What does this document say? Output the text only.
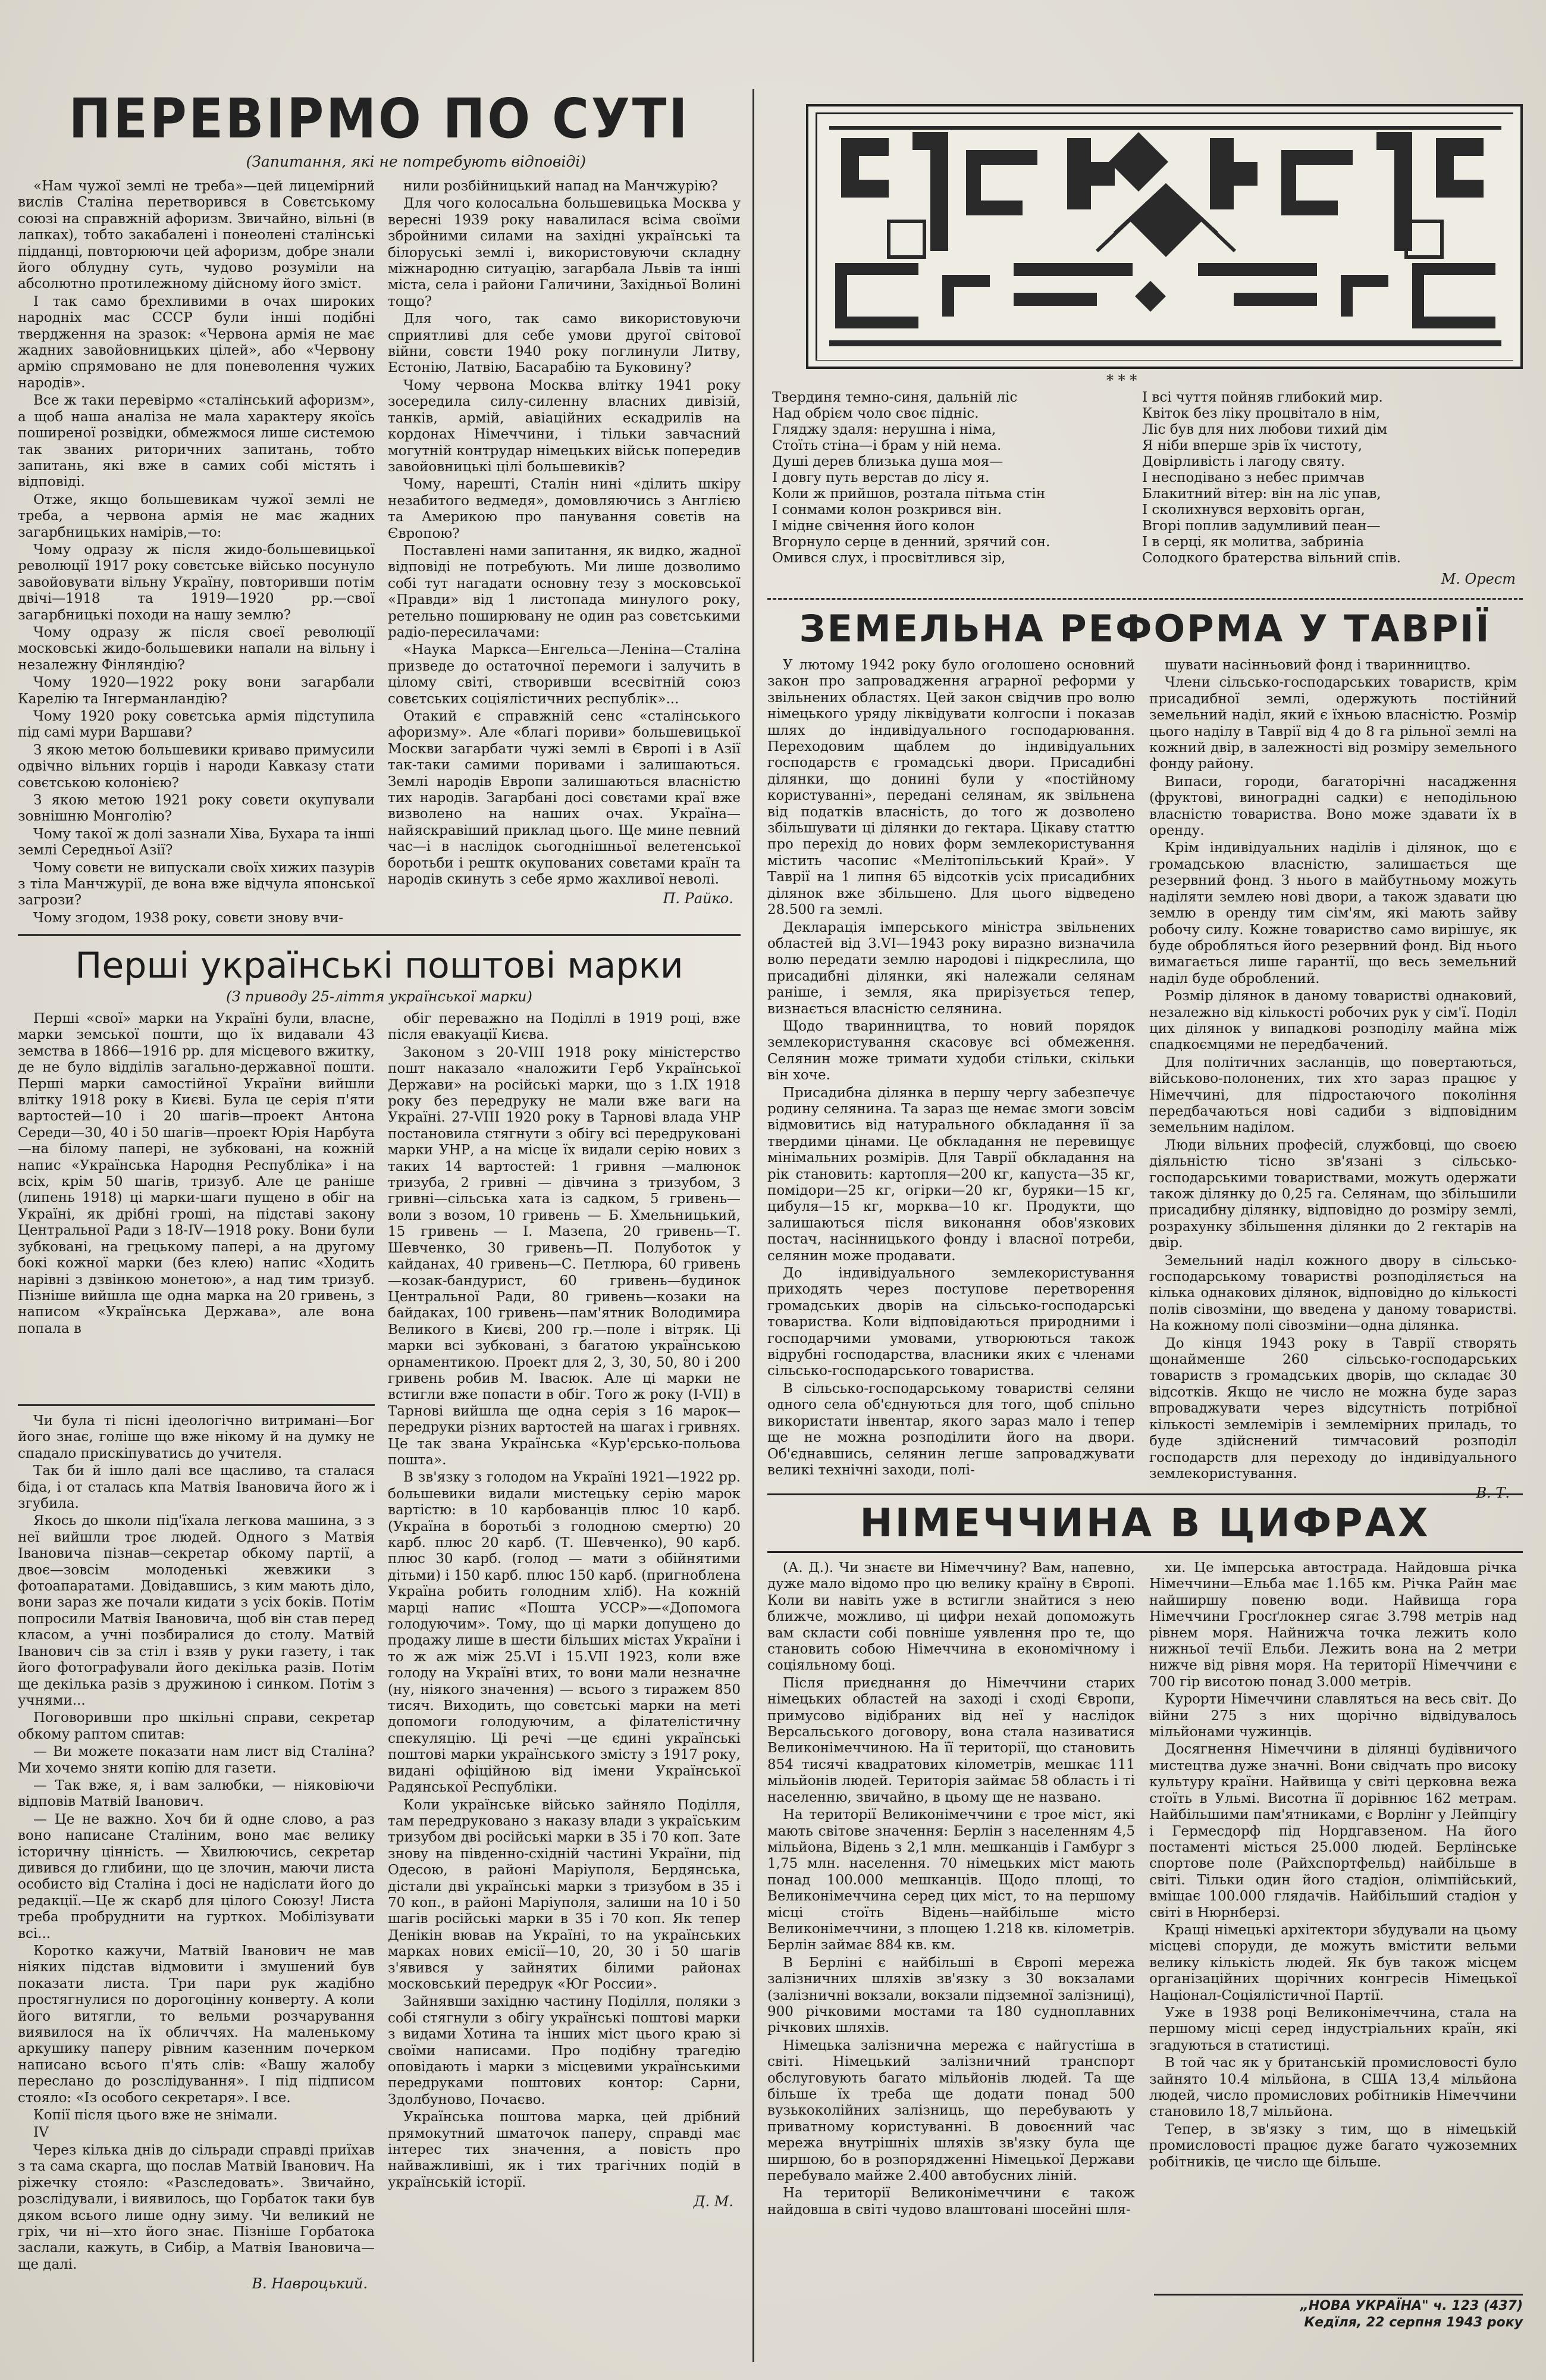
ПЕРЕВІРМО ПО СУТІ
(Запитання, які не потребують відповіді)

«Нам чужої землі не треба»—цей лицемірний вислів Сталіна перетворився в Совєтському союзі на справжній афоризм. Звичайно, вільні (в лапках), тобто закабалені і понеолені сталінські підданці, повторюючи цей афоризм, добре знали його облудну суть, чудово розуміли на абсолютно протилежному дійсному його зміст.

І так само брехливими в очах широких народніх мас СССР були інші подібні твердження на зразок: «Червона армія не має жадних завойовницьких цілей», або «Червону армію спрямовано не для поневолення чужих народів».

Все ж таки перевірмо «сталінський афоризм», а щоб наша аналіза не мала характеру якоїсь поширеної розвідки, обмежмося лише системою так званих риторичних запитань, тобто запитань, які вже в самих собі містять і відповіді.

Отже, якщо большевикам чужої землі не треба, а червона армія не має жадних загарбницьких намірів,—то:

Чому одразу ж після жидо-большевицької революції 1917 року совєтське військо посунуло завойовувати вільну Україну, повторивши потім двічі—1918 та 1919—1920 рр.—свої загарбницькі походи на нашу землю?

Чому одразу ж після своєї революції московські жидо-большевики напали на вільну і незалежну Фінляндію?

Чому 1920—1922 року вони загарбали Карелію та Інгерманландію?

Чому 1920 року совєтська армія підступила під самі мури Варшави?

З якою метою большевики криваво примусили одвічно вільних горців і народи Кавказу стати совєтською колонією?

З якою метою 1921 року совєти окупували зовнішню Монголію?

Чому такої ж долі зазнали Хіва, Бухара та інші землі Середньої Азії?

Чому совєти не випускали своїх хижих пазурів з тіла Манчжурії, де вона вже відчула японської загрози?

Чому згодом, 1938 року, совєти знову вчи-

нили розбійницький напад на Манчжурію?

Для чого колосальна большевицька Москва у вересні 1939 року навалилася всіма своїми збройними силами на західні українські та білоруські землі і, використовуючи складну міжнародню ситуацію, загарбала Львів та інші міста, села і райони Галичини, Західньої Волині тощо?

Для чого, так само використовуючи сприятливі для себе умови другої світової війни, совєти 1940 року поглинули Литву, Естонію, Латвію, Басарабію та Буковину?

Чому червона Москва влітку 1941 року зосередила силу-силенну власних дивізій, танків, армій, авіаційних ескадрилів на кордонах Німеччини, і тільки завчасний могутній контрудар німецьких військ попередив завойовницькі цілі большевиків?

Чому, нарешті, Сталін нині «ділить шкіру незабитого ведмедя», домовляючись з Англією та Америкою про панування совєтів на Європою?

Поставлені нами запитання, як видко, жадної відповіді не потребують. Ми лише дозволимо собі тут нагадати основну тезу з московської «Правди» від 1 листопада минулого року, ретельно поширювану не один раз совєтськими радіо-пересилачами:

«Наука Маркса—Енгельса—Леніна—Сталіна призведе до остаточної перемоги і залучить в цілому світі, створивши всесвітній союз совєтських соціялістичних республік»...

Отакий є справжній сенс «сталінського афоризму». Але «благі пориви» большевицької Москви загарбати чужі землі в Європі і в Азії так-таки самими поривами і залишаються. Землі народів Европи залишаються власністю тих народів. Загарбані досі совєтами краї вже визволено на наших очах. Україна—найяскравіший приклад цього. Ще мине певний час—і в наслідок сьогоднішньої велетенської боротьби і рештк окупованих совєтами країн та народів скинуть з себе ярмо жахливої неволі.

П. Райко.
Перші українські поштові марки
(З приводу 25-ліття української марки)

Перші «свої» марки на Україні були, власне, марки земської пошти, що їх видавали 43 земства в 1866—1916 рр. для місцевого вжитку, де не було відділів загально-державної пошти. Перші марки самостійної України вийшли влітку 1918 року в Києві. Була це серія п'яти вартостей—10 і 20 шагів—проект Антона Середи—30, 40 і 50 шагів—проект Юрія Нарбута—на білому папері, не зубковані, на кожній напис «Українська Народня Республіка» і на всіх, крім 50 шагів, тризуб. Але це раніше (липень 1918) ці марки-шаги пущено в обіг на Україні, як дрібні гроші, на підставі закону Центральної Ради з 18-IV—1918 року. Вони були зубковані, на грецькому папері, а на другому бокі кожної марки (без клею) напис «Ходить нарівні з дзвінкою монетою», а над тим тризуб. Пізніше вийшла ще одна марка на 20 гривень, з написом «Українська Держава», але вона попала в

обіг переважно на Поділлі в 1919 році, вже після евакуації Києва.

Законом з 20-VIII 1918 року міністерство пошт наказало «наложити Герб Української Держави» на російські марки, що з 1.IX 1918 року без передруку не мали вже ваги на Україні. 27-VIII 1920 року в Тарнові влада УНР постановила стягнути з обігу всі передруковані марки УНР, а на місце їх видали серію нових з таких 14 вартостей: 1 гривня —малюнок тризуба, 2 гривні — дівчина з тризубом, 3 гривні—сільська хата із садком, 5 гривень—воли з возом, 10 гривень — Б. Хмельницький, 15 гривень — І. Мазепа, 20 гривень—Т. Шевченко, 30 гривень—П. Полуботок у кайданах, 40 гривень—С. Петлюра, 60 гривень—козак-бандурист, 60 гривень—будинок Центральної Ради, 80 гривень—козаки на байдаках, 100 гривень—пам'ятник Володимира Великого в Києві, 200 гр.—поле і вітряк. Ці марки всі зубковані, з багатою українською орнаментикою. Проект для 2, 3, 30, 50, 80 і 200 гривень робив М. Івасюк. Але ці марки не встигли вже попасти в обіг. Того ж року (I-VII) в Тарнові вийшла ще одна серія з 16 марок—передруки різних вартостей на шагах і гривнях. Це так звана Українська «Кур'єрсько-польова пошта».

В зв'язку з голодом на Україні 1921—1922 рр. большевики видали мистецьку серію марок вартістю: в 10 карбованців плюс 10 карб. (Україна в боротьбі з голодною смертю) 20 карб. плюс 20 карб. (Т. Шевченко), 90 карб. плюс 30 карб. (голод — мати з обійнятими дітьми) і 150 карб. плюс 150 карб. (пригноблена Україна робить голодним хліб). На кожній марці напис «Пошта УССР»—«Допомога голодуючим». Тому, що ці марки допущено до продажу лише в шести більших містах України і то ж аж між 25.VI і 15.VII 1923, коли вже голоду на Україні втих, то вони мали незначне (ну, ніякого значення) — всього з тиражем 850 тисяч. Виходить, що совєтські марки на меті допомоги голодуючим, а філателістичну спекуляцію. Ці речі —це єдині українські поштові марки українського змісту з 1917 року, видані офіційною від імени Української Радянської Республіки.

Коли українське військо зайняло Поділля, там передруковано з наказу влади з україським тризубом дві російські марки в 35 і 70 коп. Зате знову на південно-східній частині України, під Одесою, в районі Маріуполя, Бердянська, дістали дві українські марки з тризубом в 35 і 70 коп., в районі Маріуполя, залиши на 10 і 50 шагів російські марки в 35 і 70 коп. Як тепер Денікін вював на Україні, то на українських марках нових емісії—10, 20, 30 і 50 шагів з'явився у зайнятих білими районах московський передрук «Юг России».

Зайнявши західню частину Поділля, поляки з собі стягнули з обігу українські поштові марки з видами Хотина та інших міст цього краю зі своїми написами. Про подібну трагедію оповідають і марки з місцевими українськими передруками поштових контор: Сарни, Здолбуново, Почаєво.

Українська поштова марка, цей дрібний прямокутний шматочок паперу, справді має інтерес тих значення, а повість про найважливіші, як і тих трагічних подій в українській історії.

Д. М.

Чи була ті пісні ідеологічно витримані—Бог його знає, голіше що вже нікому й на думку не спадало прискіпуватись до учителя.

Так би й ішло далі все щасливо, та сталася біда, і от сталась кпа Матвія Івановича його ж і згубила.

Якось до школи під'їхала легкова машина, з з неї вийшли троє людей. Одного з Матвія Івановича пізнав—секретар обкому партії, а двоє—зовсім молоденькі жевжики з фотоапаратами. Довідавшись, з ким мають діло, вони зараз же почали кидати з усіх боків. Потім попросили Матвія Івановича, щоб він став перед класом, а учні позбиралися до столу. Матвій Іванович сів за стіл і взяв у руки газету, і так його фотографували його декілька разів. Потім ще декілька разів з дружиною і синком. Потім з учнями...

Поговоривши про шкільні справи, секретар обкому раптом спитав:

— Ви можете показати нам лист від Сталіна? Ми хочемо зняти копію для газети.

— Так вже, я, і вам залюбки, — ніяковіючи відповів Матвій Іванович.

— Це не важно. Хоч би й одне слово, а раз воно написане Сталіним, воно має велику історичну цінність. — Хвилюючись, секретар дивився до глибини, що це злочин, маючи листа особисто від Сталіна і досі не надіслати його до редакції.—Це ж скарб для цілого Союзу! Листа треба пробруднити на гурткох. Мобілізувати всі...

Коротко кажучи, Матвій Іванович не мав ніяких підстав відмовити і змушений був показати листа. Три пари рук жадібно простягнулися по дорогоцінну конверту. А коли його витягли, то вельми розчарування виявилося на їх обличчях. На маленькому аркушику паперу рівним казенним почерком написано всього п'ять слів: «Вашу жалобу переслано до розслідування». І під підписом стояло: «Із особого секретаря». І все.

Копії після цього вже не знімали.

IV

Через кілька днів до сільради справді приїхав з та сама скарга, що послав Матвій Іванович. На ріжечку стояло: «Разследовать». Звичайно, розслідували, і виявилось, що Горбаток таки був дяком всього лише одну зиму. Чи великий не гріх, чи ні—хто його знає. Пізніше Горбатока заслали, кажуть, в Сибір, а Матвія Івановича—ще далі.

В. Навроцький.
* * *
Твердиня темно-синя, дальній ліс
Над обрієм чоло своє підніс.
Гляджу здаля: нерушна і німа,
Стоїть стіна—і брам у ній нема.
Душі дерев близька душа моя—
І довгу путь верстав до лісу я.
Коли ж прийшов, розтала пітьма стін
І сонмами колон розкрився він.
І мідне свічення його колон
Вгорнуло серце в денний, зрячий сон.
Омився слух, і просвітлився зір,
І всі чуття пойняв глибокий мир.
Квіток без ліку процвітало в нім,
Ліс був для них любови тихий дім
Я ніби вперше зрів їх чистоту,
Довірливість і лагоду святу.
І несподівано з небес примчав
Блакитний вітер: він на ліс упав,
І сколихнувся верховіть орган,
Вгорі поплив задумливий пеан—
І в серці, як молитва, забриніа
Солодкого братерства вільний спів.
М. Орест
ЗЕМЕЛЬНА РЕФОРМА У ТАВРІЇ

У лютому 1942 року було оголошено основний закон про запровадження аграрної реформи у звільнених областях. Цей закон свідчив про волю німецького уряду ліквідувати колгоспи і показав шлях до індивідуального господарювання. Переходовим щаблем до індивідуальних господарств є громадські двори. Присадибні ділянки, що донині були у «постійному користуванні», передані селянам, як звільнена від податків власність, до того ж дозволено збільшувати ці ділянки до гектара. Цікаву статтю про перехід до нових форм землекористування містить часопис «Мелітопільський Край». У Таврії на 1 липня 65 відсотків усіх присадибних ділянок вже збільшено. Для цього відведено 28.500 га землі.

Декларація імперського міністра звільнених областей від 3.VI—1943 року виразно визначила волю передати землю народові і підкреслила, що присадибні ділянки, які належали селянам раніше, і земля, яка прирізується тепер, визнається власністю селянина.

Щодо тваринництва, то новий порядок землекористування скасовує всі обмеження. Селянин може тримати худоби стільки, скільки він хоче.

Присадибна ділянка в першу чергу забезпечує родину селянина. Та зараз ще немає змоги зовсім відмовитись від натурального обкладання її за твердими цінами. Це обкладання не перевищує мінімальних розмірів. Для Таврії обкладання на рік становить: картопля—200 кг, капуста—35 кг, помідори—25 кг, огірки—20 кг, буряки—15 кг, цибуля—15 кг, морква—10 кг. Продукти, що залишаються після виконання обов'язкових постач, насінницького фонду і власної потреби, селянин може продавати.

До індивідуального землекористування приходять через поступове перетворення громадських дворів на сільсько-господарські товариства. Коли відповідаються природними і господарчими умовами, утворюються також відрубні господарства, власники яких є членами сільсько-господарського товариства.

В сільсько-господарському товаристві селяни одного села об'єднуються для того, щоб спільно використати інвентар, якого зараз мало і тепер ще не можна розподілити його на двори. Об'єднавшись, селянин легше запроваджувати великі технічні заходи, полі-

шувати насінньовий фонд і тваринництво.

Члени сільсько-господарських товариств, крім присадибної землі, одержують постійний земельний наділ, який є їхньою власністю. Розмір цього наділу в Таврії від 4 до 8 га рільної землі на кожний двір, в залежності від розміру земельного фонду району.

Випаси, городи, багаторічні насадження (фруктові, виноградні садки) є неподільною власністю товариства. Воно може здавати їх в оренду.

Крім індивідуальних наділів і ділянок, що є громадською власністю, залишається ще резервний фонд. З нього в майбутньому можуть наділяти землею нові двори, а також здавати цю землю в оренду тим сім'ям, які мають зайву робочу силу. Кожне товариство само вирішує, як буде обробляться його резервний фонд. Від нього вимагається лише гарантії, що весь земельний наділ буде оброблений.

Розмір ділянок в даному товаристві однаковий, незалежно від кількості робочих рук у сім'ї. Поділ цих ділянок у випадкові розподілу майна між спадкоємцями не передбачений.

Для політичних засланців, що повертаються, військово-полонених, тих хто зараз працює у Німеччині, для підростаючого покоління передбачаються нові садиби з відповідним земельним наділом.

Люди вільних професій, службовці, що своєю діяльністю тісно зв'язані з сільсько-господарськими товариствами, можуть одержати також ділянку до 0,25 га. Селянам, що збільшили присадибну ділянку, відповідно до розміру землі, розрахунку збільшення ділянки до 2 гектарів на двір.

Земельний наділ кожного двору в сільсько-господарському товаристві розподіляється на кілька однакових ділянок, відповідно до кількості полів сівозміни, що введена у даному товаристві. На кожному полі сівозміни—одна ділянка.

До кінця 1943 року в Таврії створять щонайменше 260 сільсько-господарських товариств з громадських дворів, що складає 30 відсотків. Якщо не число не можна буде зараз впроваджувати через відсутність потрібної кількості землемірів і землемірних приладь, то буде здійснений тимчасовий розподіл господарств для переходу до індивідуального землекористування.

В. Т.
НІМЕЧЧИНА В ЦИФРАХ

(А. Д.). Чи знаєте ви Німеччину? Вам, напевно, дуже мало відомо про цю велику країну в Європі. Коли ви навіть уже в встигли знайтися з нею ближче, можливо, ці цифри нехай допоможуть вам скласти собі повніше уявлення про те, що становить собою Німеччина в економічному і соціяльному боці.

Після приєднання до Німеччини старих німецьких областей на заході і сході Європи, примусово відібраних від неї у наслідок Версальського договору, вона стала називатися Великонімеччиною. На її території, що становить 854 тисячі квадратових кілометрів, мешкає 111 мільйонів людей. Територія займає 58 область і ті населенню, звичайно, в цьому ще не названо.

На території Великонімеччини є трое міст, які мають світове значення: Берлін з населенням 4,5 мільйона, Відень з 2,1 млн. мешканців і Гамбург з 1,75 млн. населення. 70 німецьких міст мають понад 100.000 мешканців. Щодо площі, то Великонімеччина серед цих міст, то на першому місці стоїть Відень—найбільше місто Великонімеччини, з площею 1.218 кв. кілометрів. Берлін займає 884 кв. км.

В Берліні є найбільші в Європі мережа залізничних шляхів зв'язку з 30 вокзалами (залізничні вокзали, вокзали підземної залізниці), 900 річковими мостами та 180 судноплавних річкових шляхів.

Німецька залізнична мережа є найгустіша в світі. Німецький залізничний транспорт обслуговують багато мільйонів людей. Та ще більше їх треба ще додати понад 500 вузькоколійних залізниць, що перебувають у приватному користуванні. В довоєнний час мережа внутрішніх шляхів зв'язку була ще ширшою, бо в розпорядженні Німецької Держави перебувало майже 2.400 автобусних ліній.

На території Великонімеччини є також найдовша в світі чудово влаштовані шосейні шля-

хи. Це імперська автострада. Найдовша річка Німеччини—Ельба має 1.165 км. Річка Райн має найширшу повеню води. Найвища гора Німеччини Гросґлокнер сягає 3.798 метрів над рівнем моря. Найнижча точка лежить коло нижньої течії Ельби. Лежить вона на 2 метри нижче від рівня моря. На території Німеччини є 700 гір висотою понад 3.000 метрів.

Курорти Німеччини славляться на весь світ. До війни 275 з них щорічно відвідувалось мільйонами чужинців.

Досягнення Німеччини в ділянці будівничого мистецтва дуже значні. Вони свідчать про високу культуру країни. Найвища у світі церковна вежа стоїть в Ульмі. Висотна її дорівнює 162 метрам. Найбільшими пам'ятниками, є Ворлінг у Лейпцігу і Гермесдорф під Нордгавзеном. На його постаменті місться 25.000 людей. Берлінське спортове поле (Райхспортфельд) найбільше в світі. Тільки один його стадіон, олімпійський, вміщає 100.000 глядачів. Найбільший стадіон у світі в Нюрнберзі.

Кращі німецькі архітектори збудували на цьому місцеві споруди, де можуть вмістити вельми велику кількість людей. Як був також місцем організаційних щорічних конгресів Німецької Націонал-Соціялістичної Партії.

Уже в 1938 році Великонімеччина, стала на першому місці серед індустріальних країн, які згадуються в статистиці.

В той час як у британській промисловості було зайнято 10.4 мільйона, в США 13,4 мільйона людей, число промислових робітників Німеччини становило 18,7 мільйона.

Тепер, в зв'язку з тим, що в німецькій промисловості працює дуже багато чужоземних робітників, це число ще більше.

„НОВА УКРАЇНА" ч. 123 (437)
Кедїля, 22 серпня 1943 року
